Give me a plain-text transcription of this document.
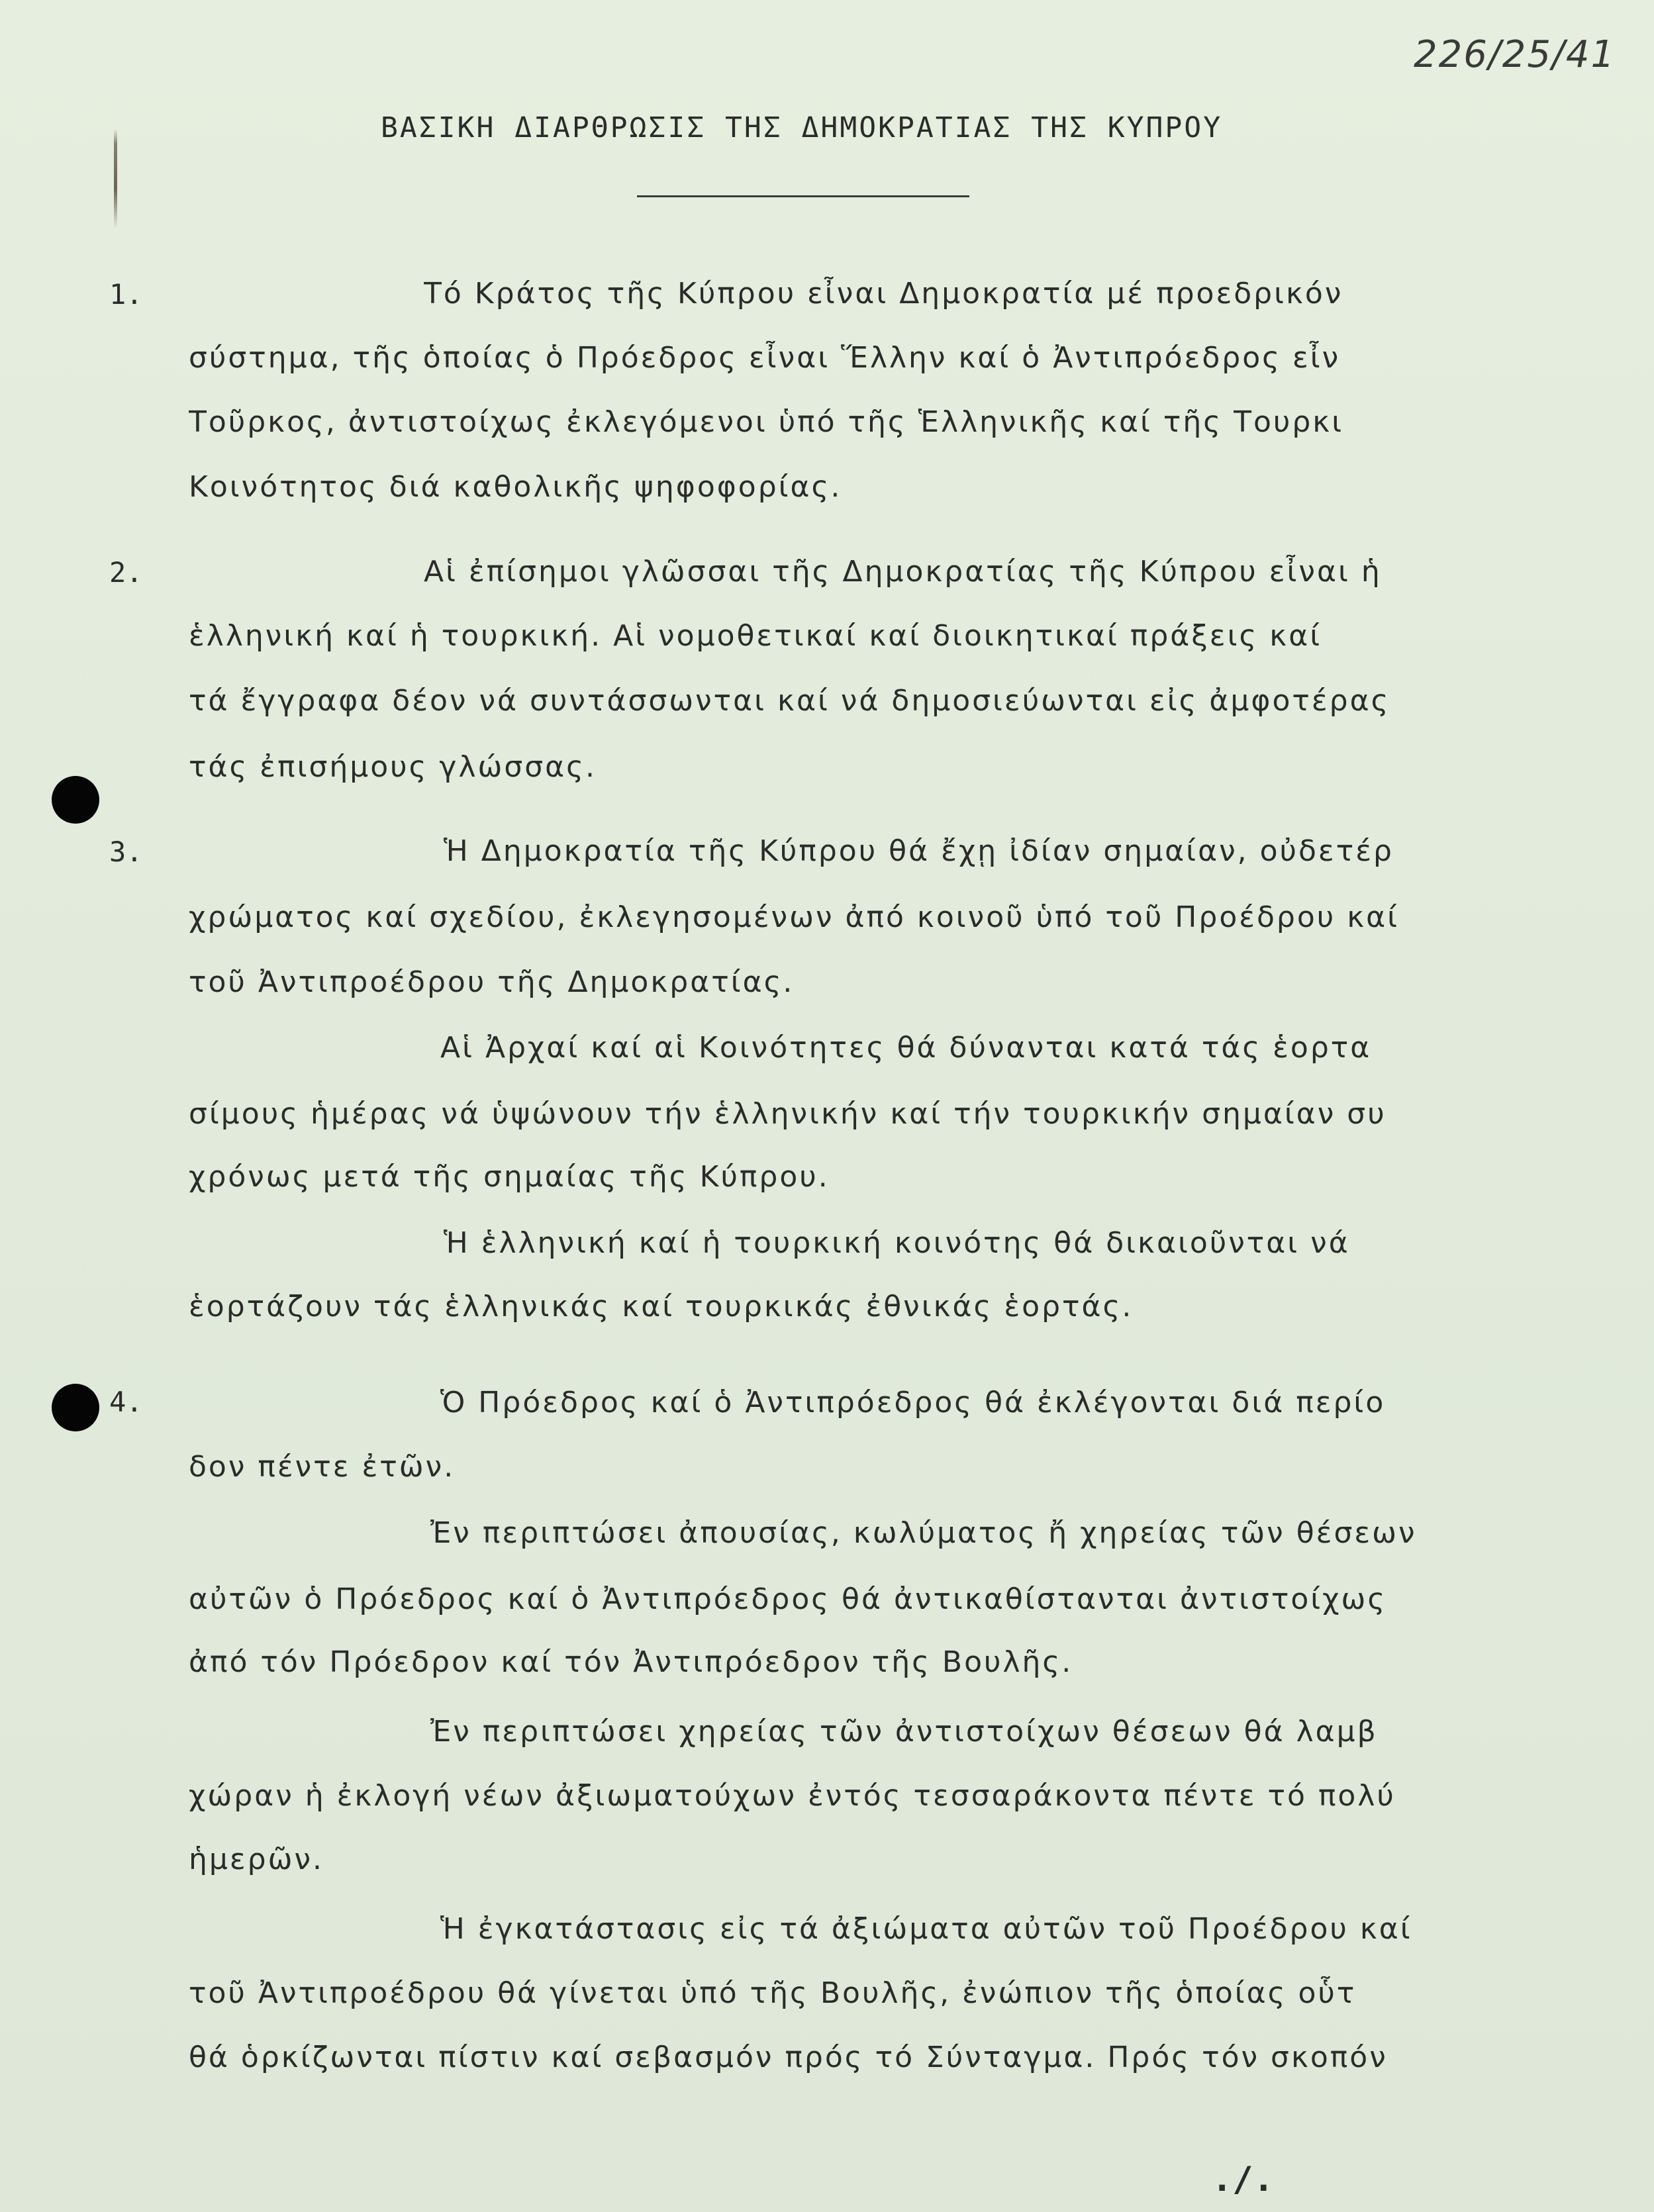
226/25/41
ΒΑΣΙΚΗ ΔΙΑΡΘΡΩΣΙΣ ΤΗΣ ΔΗΜΟΚΡΑΤΙΑΣ ΤΗΣ ΚΥΠΡΟΥ
1.
2.
3.
4.
Τό Κράτος τῆς Κύπρου εἶναι Δημοκρατία μέ προεδρικόν
σύστημα, τῆς ὁποίας ὁ Πρόεδρος εἶναι Ἕλλην καί ὁ Ἀντιπρόεδρος εἶν
Τοῦρκος, ἀντιστοίχως ἐκλεγόμενοι ὑπό τῆς Ἑλληνικῆς καί τῆς Τουρκι
Κοινότητος διά καθολικῆς ψηφοφορίας.
Αἱ ἐπίσημοι γλῶσσαι τῆς Δημοκρατίας τῆς Κύπρου εἶναι ἡ
ἑλληνική καί ἡ τουρκική. Αἱ νομοθετικαί καί διοικητικαί πράξεις καί
τά ἔγγραφα δέον νά συντάσσωνται καί νά δημοσιεύωνται εἰς ἀμφοτέρας
τάς ἐπισήμους γλώσσας.
Ἡ Δημοκρατία τῆς Κύπρου θά ἔχῃ ἰδίαν σημαίαν, οὐδετέρ
χρώματος καί σχεδίου, ἐκλεγησομένων ἀπό κοινοῦ ὑπό τοῦ Προέδρου καί
τοῦ Ἀντιπροέδρου τῆς Δημοκρατίας.
Αἱ Ἀρχαί καί αἱ Κοινότητες θά δύνανται κατά τάς ἑορτα
σίμους ἡμέρας νά ὑψώνουν τήν ἑλληνικήν καί τήν τουρκικήν σημαίαν συ
χρόνως μετά τῆς σημαίας τῆς Κύπρου.
Ἡ ἑλληνική καί ἡ τουρκική κοινότης θά δικαιοῦνται νά
ἑορτάζουν τάς ἑλληνικάς καί τουρκικάς ἐθνικάς ἑορτάς.
Ὁ Πρόεδρος καί ὁ Ἀντιπρόεδρος θά ἐκλέγονται διά περίο
δον πέντε ἐτῶν.
Ἐν περιπτώσει ἀπουσίας, κωλύματος ἤ χηρείας τῶν θέσεων
αὐτῶν ὁ Πρόεδρος καί ὁ Ἀντιπρόεδρος θά ἀντικαθίστανται ἀντιστοίχως
ἀπό τόν Πρόεδρον καί τόν Ἀντιπρόεδρον τῆς Βουλῆς.
Ἐν περιπτώσει χηρείας τῶν ἀντιστοίχων θέσεων θά λαμβ
χώραν ἡ ἐκλογή νέων ἀξιωματούχων ἐντός τεσσαράκοντα πέντε τό πολύ
ἡμερῶν.
Ἡ ἐγκατάστασις εἰς τά ἀξιώματα αὐτῶν τοῦ Προέδρου καί
τοῦ Ἀντιπροέδρου θά γίνεται ὑπό τῆς Βουλῆς, ἐνώπιον τῆς ὁποίας οὗτ
θά ὁρκίζωνται πίστιν καί σεβασμόν πρός τό Σύνταγμα. Πρός τόν σκοπόν
./.
